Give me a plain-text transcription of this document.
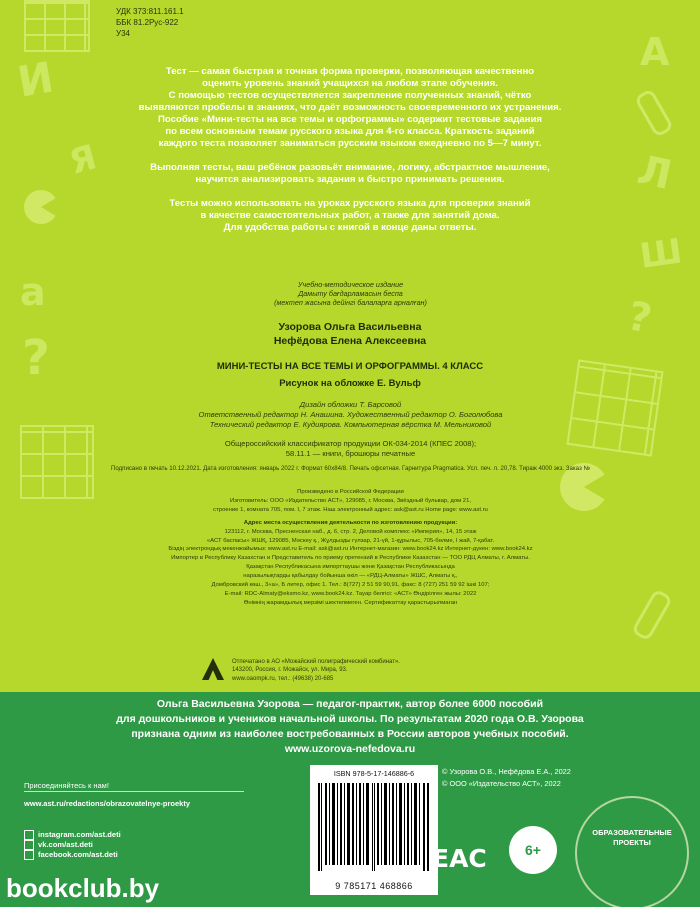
И
Л
Ш
а
Я
?
?
А
УДК 373:811.161.1
ББК 81.2Рус-922
У34
Тест — самая быстрая и точная форма проверки, позволяющая качественно
оценить уровень знаний учащихся на любом этапе обучения.
С помощью тестов осуществляется закрепление полученных знаний, чётко
выявляются пробелы в знаниях, что даёт возможность своевременного их устранения.
Пособие «Мини-тесты на все темы и орфограммы» содержит тестовые задания
по всем основным темам русского языка для 4-го класса. Краткость заданий
каждого теста позволяет заниматься русским языком ежедневно по 5—7 минут.
Выполняя тесты, ваш ребёнок разовьёт внимание, логику, абстрактное мышление,
научится анализировать задания и быстро принимать решения.
Тесты можно использовать на уроках русского языка для проверки знаний
в качестве самостоятельных работ, а также для занятий дома.
Для удобства работы с книгой в конце даны ответы.
Учебно-методическое издание
Дамыту бағдарламасын беспа
(мектеп жасына дейінгі балаларға арналған)
Узорова Ольга Васильевна
Нефёдова Елена Алексеевна
МИНИ-ТЕСТЫ НА ВСЕ ТЕМЫ И ОРФОГРАММЫ. 4 КЛАСС
Рисунок на обложке Е. Вульф
Дизайн обложки Т. Барсовой
Ответственный редактор Н. Анашина. Художественный редактор О. Боголюбова
Технический редактор Е. Кудиярова. Компьютерная вёрстка М. Мельниковой
Общероссийский классификатор продукции ОК-034-2014 (КПЕС 2008);
58.11.1 — книги, брошюры печатные
Подписано в печать 10.12.2021. Дата изготовления: январь 2022 г. Формат 60x84/8. Печать офсетная. Гарнитура Pragmatica. Усл. печ. л. 20,78. Тираж 4000 экз. Заказ №
Произведено в Российской Федерации
Изготовитель: ООО «Издательство АСТ», 129085, г. Москва, Звёздный бульвар, дом 21,
строение 1, комната 705, пом. I, 7 этаж. Наш электронный адрес: ask@ast.ru Home page: www.ast.ru
Адрес места осуществления деятельности по изготовлению продукции:
123112, г. Москва, Пресненская наб., д. 6, стр. 2, Деловой комплекс «Империя», 14, 15 этаж
«АСТ баспасы» ЖШҚ, 129085, Мәскеу қ., Жұлдызды гүлзар, 21-үй, 1-құрылыс, 705-бөлме, I жай, 7-қабат.
Біздің электрондық мекенжайымыз: www.ast.ru E-mail: ask@ast.ru Интернет-магазин: www.book24.kz Интернет-дүкен: www.book24.kz
Импортер в Республику Казахстан и Представитель по приему претензий в Республике Казахстан — ТОО РДЦ Алматы, г. Алматы.
Қазақстан Республикасына импорттаушы және Қазақстан Республикасында
наразылықтарды қабылдау бойынша өкіл — «РДЦ-Алматы» ЖШС, Алматы қ.,
Домбровский көш., 3«а», Б литер, офис 1. Тел.: 8(727) 2 51 59 90,91, факс: 8 (727) 251 59 92 ішкі 107;
E-mail: RDC-Almaty@eksmo.kz, www.book24.kz. Тауар белгісі: «АСТ» Өндірілген жылы: 2022
Өнімнің жарамдылық мерзімі шектелмеген. Сертификаттау қарастырылмаған
Отпечатано в АО «Можайский полиграфический комбинат».
143200, Россия, г. Можайск, ул. Мира, 93.
www.oaompk.ru, тел.: (49638) 20-685
Ольга Васильевна Узорова — педагог-практик, автор более 6000 пособий
для дошкольников и учеников начальной школы. По результатам 2020 года О.В. Узорова
признана одним из наиболее востребованных в России авторов учебных пособий.
www.uzorova-nefedova.ru
Присоединяйтесь к нам!
www.ast.ru/redactions/obrazovatelnye-proekty
instagram.com/ast.deti
vk.com/ast.deti
facebook.com/ast.deti
ISBN 978-5-17-146886-6
9 785171 468866
© Узорова О.В., Нефёдова Е.А., 2022
© ООО «Издательство АСТ», 2022
EAC	6+
ОБРАЗОВАТЕЛЬНЫЕ ПРОЕКТЫ
bookclub.by
